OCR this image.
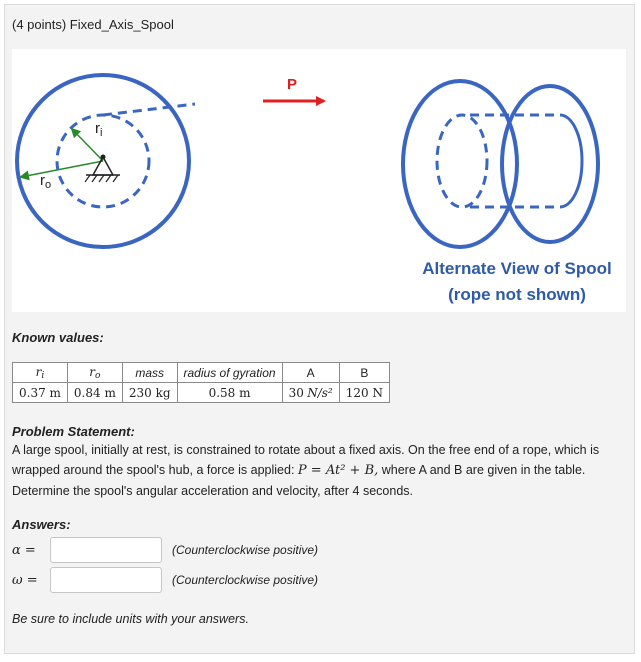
(4 points) Fixed_Axis_Spool
$r_i$
$r_o$
P
Alternate View of Spool
(rope not shown)
Known values:
ri	ro	mass	radius of gyration	A	B
0.37 m	0.84 m	230 kg	0.58 m	30 N/s²	120 N
Problem Statement:
A large spool, initially at rest, is constrained to rotate about a fixed axis. On the free end of a rope, which is wrapped around the spool's hub, a force is applied: P = At² + B, where A and B are given in the table. Determine the spool's angular acceleration and velocity, after 4 seconds.
Answers:
α =	(Counterclockwise positive)
ω =	(Counterclockwise positive)
Be sure to include units with your answers.
